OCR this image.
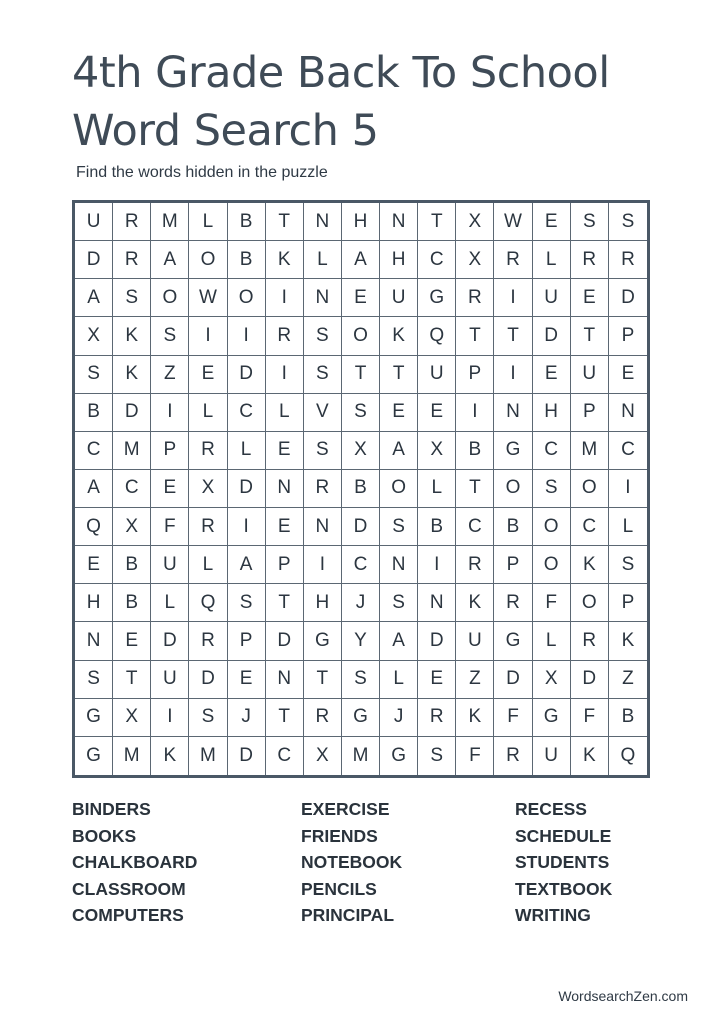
4th Grade Back To School
Word Search 5
Find the words hidden in the puzzle
U	R	M	L	B	T	N	H	N	T	X	W	E	S	S
D	R	A	O	B	K	L	A	H	C	X	R	L	R	R
A	S	O	W	O	I	N	E	U	G	R	I	U	E	D
X	K	S	I	I	R	S	O	K	Q	T	T	D	T	P
S	K	Z	E	D	I	S	T	T	U	P	I	E	U	E
B	D	I	L	C	L	V	S	E	E	I	N	H	P	N
C	M	P	R	L	E	S	X	A	X	B	G	C	M	C
A	C	E	X	D	N	R	B	O	L	T	O	S	O	I
Q	X	F	R	I	E	N	D	S	B	C	B	O	C	L
E	B	U	L	A	P	I	C	N	I	R	P	O	K	S
H	B	L	Q	S	T	H	J	S	N	K	R	F	O	P
N	E	D	R	P	D	G	Y	A	D	U	G	L	R	K
S	T	U	D	E	N	T	S	L	E	Z	D	X	D	Z
G	X	I	S	J	T	R	G	J	R	K	F	G	F	B
G	M	K	M	D	C	X	M	G	S	F	R	U	K	Q
BINDERS
BOOKS
CHALKBOARD
CLASSROOM
COMPUTERS
EXERCISE
FRIENDS
NOTEBOOK
PENCILS
PRINCIPAL
RECESS
SCHEDULE
STUDENTS
TEXTBOOK
WRITING
WordsearchZen.com
